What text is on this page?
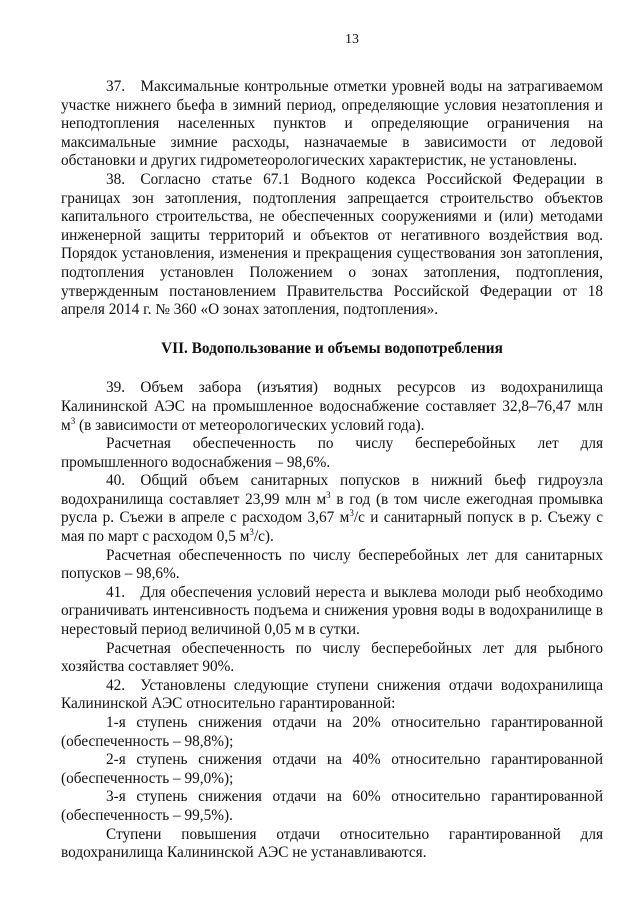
13

37. Максимальные контрольные отметки уровней воды на затрагиваемом участке нижнего бьефа в зимний период, определяющие условия незатопления и неподтопления населенных пунктов и определяющие ограничения на максимальные зимние расходы, назначаемые в зависимости от ледовой обстановки и других гидрометеорологических характеристик, не установлены.

38. Согласно статье 67.1 Водного кодекса Российской Федерации в границах зон затопления, подтопления запрещается строительство объектов капитального строительства, не обеспеченных сооружениями и (или) методами инженерной защиты территорий и объектов от негативного воздействия вод. Порядок установления, изменения и прекращения существования зон затопления, подтопления установлен Положением о зонах затопления, подтопления, утвержденным постановлением Правительства Российской Федерации от 18 апреля 2014 г. № 360 «О зонах затопления, подтопления».

VII. Водопользование и объемы водопотребления

39. Объем забора (изъятия) водных ресурсов из водохранилища Калининской АЭС на промышленное водоснабжение составляет 32,8–76,47 млн $м^3$ (в зависимости от метеорологических условий года).

Расчетная обеспеченность по числу бесперебойных лет для промышленного водоснабжения – 98,6%.

40. Общий объем санитарных попусков в нижний бьеф гидроузла водохранилища составляет 23,99 млн $м^3$ в год (в том числе ежегодная промывка русла р. Съежи в апреле с расходом 3,67 $м^3/с$ и санитарный попуск в р. Съежу с мая по март с расходом 0,5 $м^3/с$).

Расчетная обеспеченность по числу бесперебойных лет для санитарных попусков – 98,6%.

41. Для обеспечения условий нереста и выклева молоди рыб необходимо ограничивать интенсивность подъема и снижения уровня воды в водохранилище в нерестовый период величиной 0,05 м в сутки.

Расчетная обеспеченность по числу бесперебойных лет для рыбного хозяйства составляет 90%.

42. Установлены следующие ступени снижения отдачи водохранилища Калининской АЭС относительно гарантированной:

1-я ступень снижения отдачи на 20% относительно гарантированной (обеспеченность – 98,8%);

2-я ступень снижения отдачи на 40% относительно гарантированной (обеспеченность – 99,0%);

3-я ступень снижения отдачи на 60% относительно гарантированной (обеспеченность – 99,5%).

Ступени повышения отдачи относительно гарантированной для водохранилища Калининской АЭС не устанавливаются.
